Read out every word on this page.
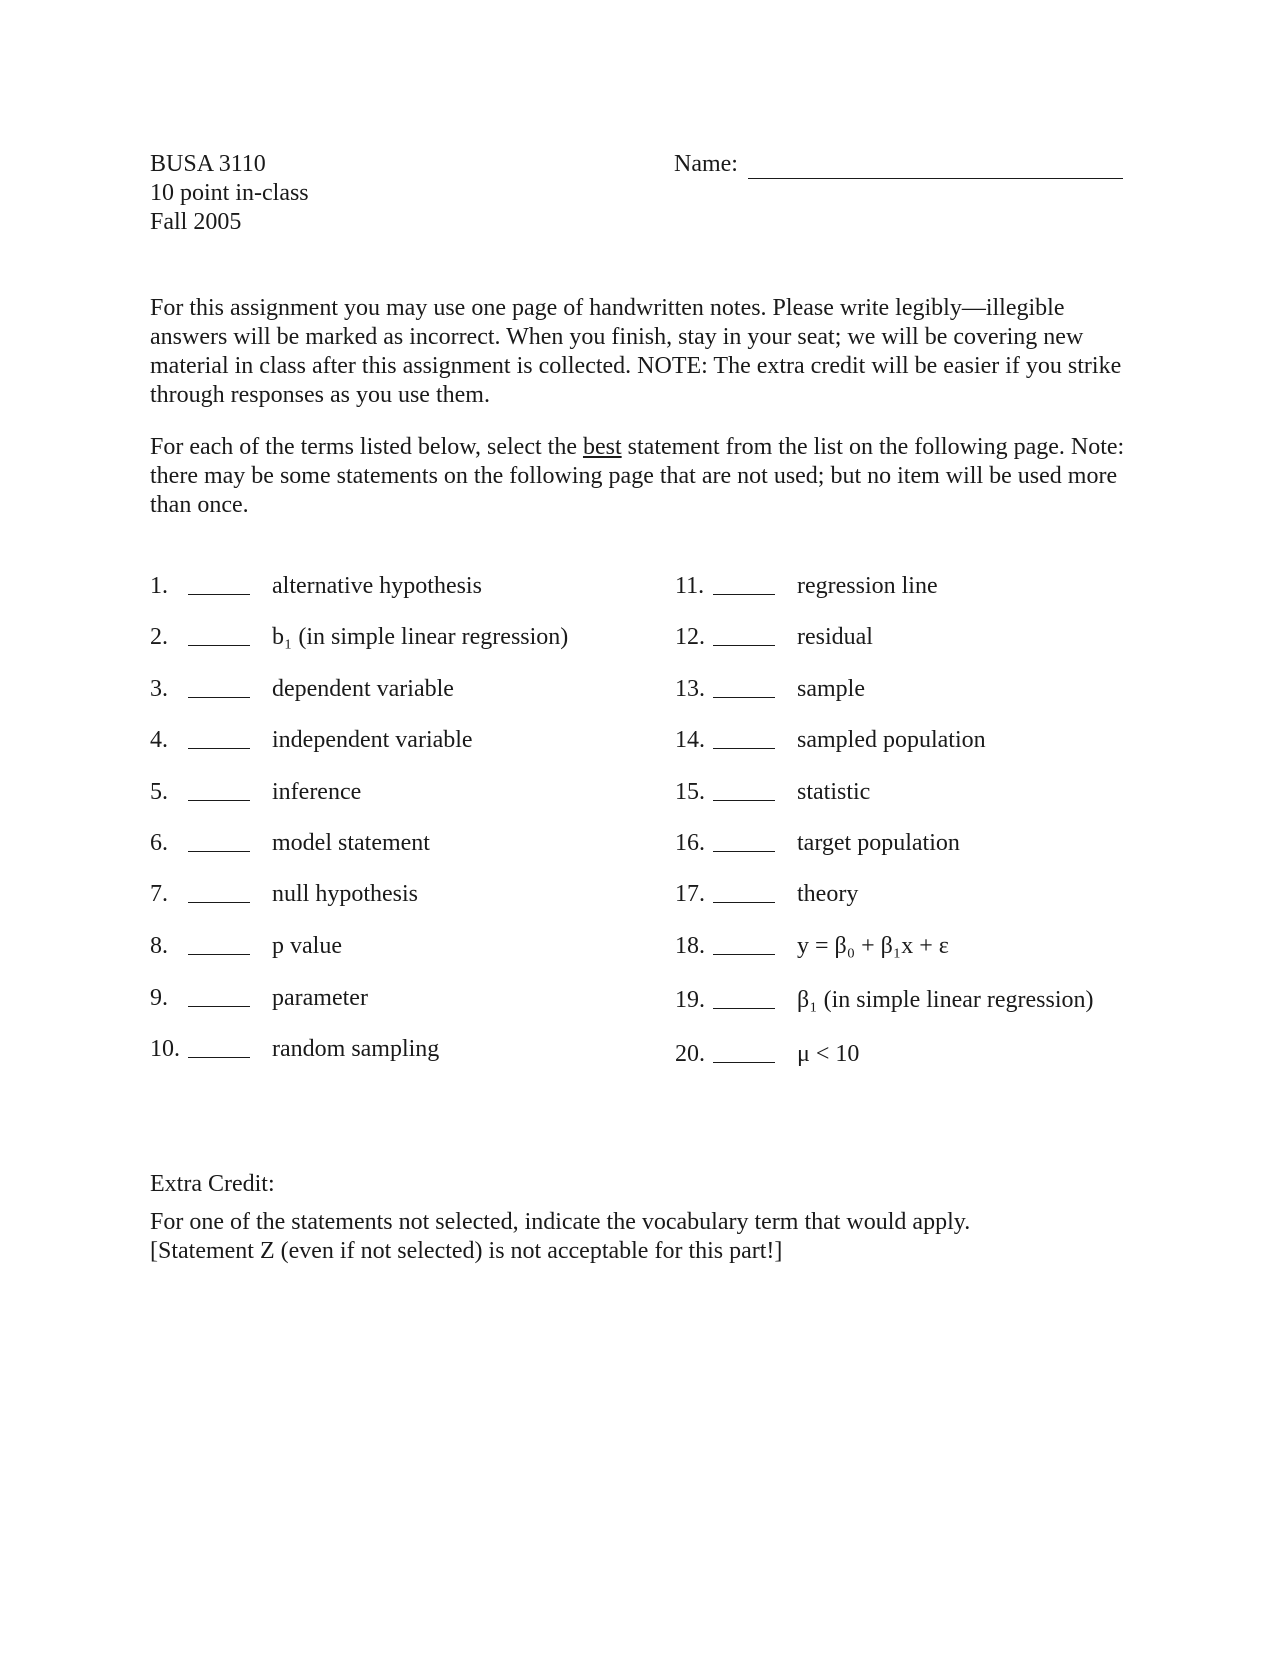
BUSA 3110
10 point in-class
Fall 2005
Name:
For this assignment you may use one page of handwritten notes. Please write legibly—illegible answers will be marked as incorrect. When you finish, stay in your seat; we will be covering new material in class after this assignment is collected. NOTE: The extra credit will be easier if you strike through responses as you use them.
For each of the terms listed below, select the best statement from the list on the following page. Note: there may be some statements on the following page that are not used; but no item will be used more than once.
1.	alternative hypothesis
2.	b₁ (in simple linear regression)
3.	dependent variable
4.	independent variable
5.	inference
6.	model statement
7.	null hypothesis
8.	p value
9.	parameter
10.	random sampling
11.	regression line
12.	residual
13.	sample
14.	sampled population
15.	statistic
16.	target population
17.	theory
18.	y = β₀ + β₁x + ε
19.	β₁ (in simple linear regression)
20.	μ < 10
Extra Credit:
For one of the statements not selected, indicate the vocabulary term that would apply.
[Statement Z (even if not selected) is not acceptable for this part!]
